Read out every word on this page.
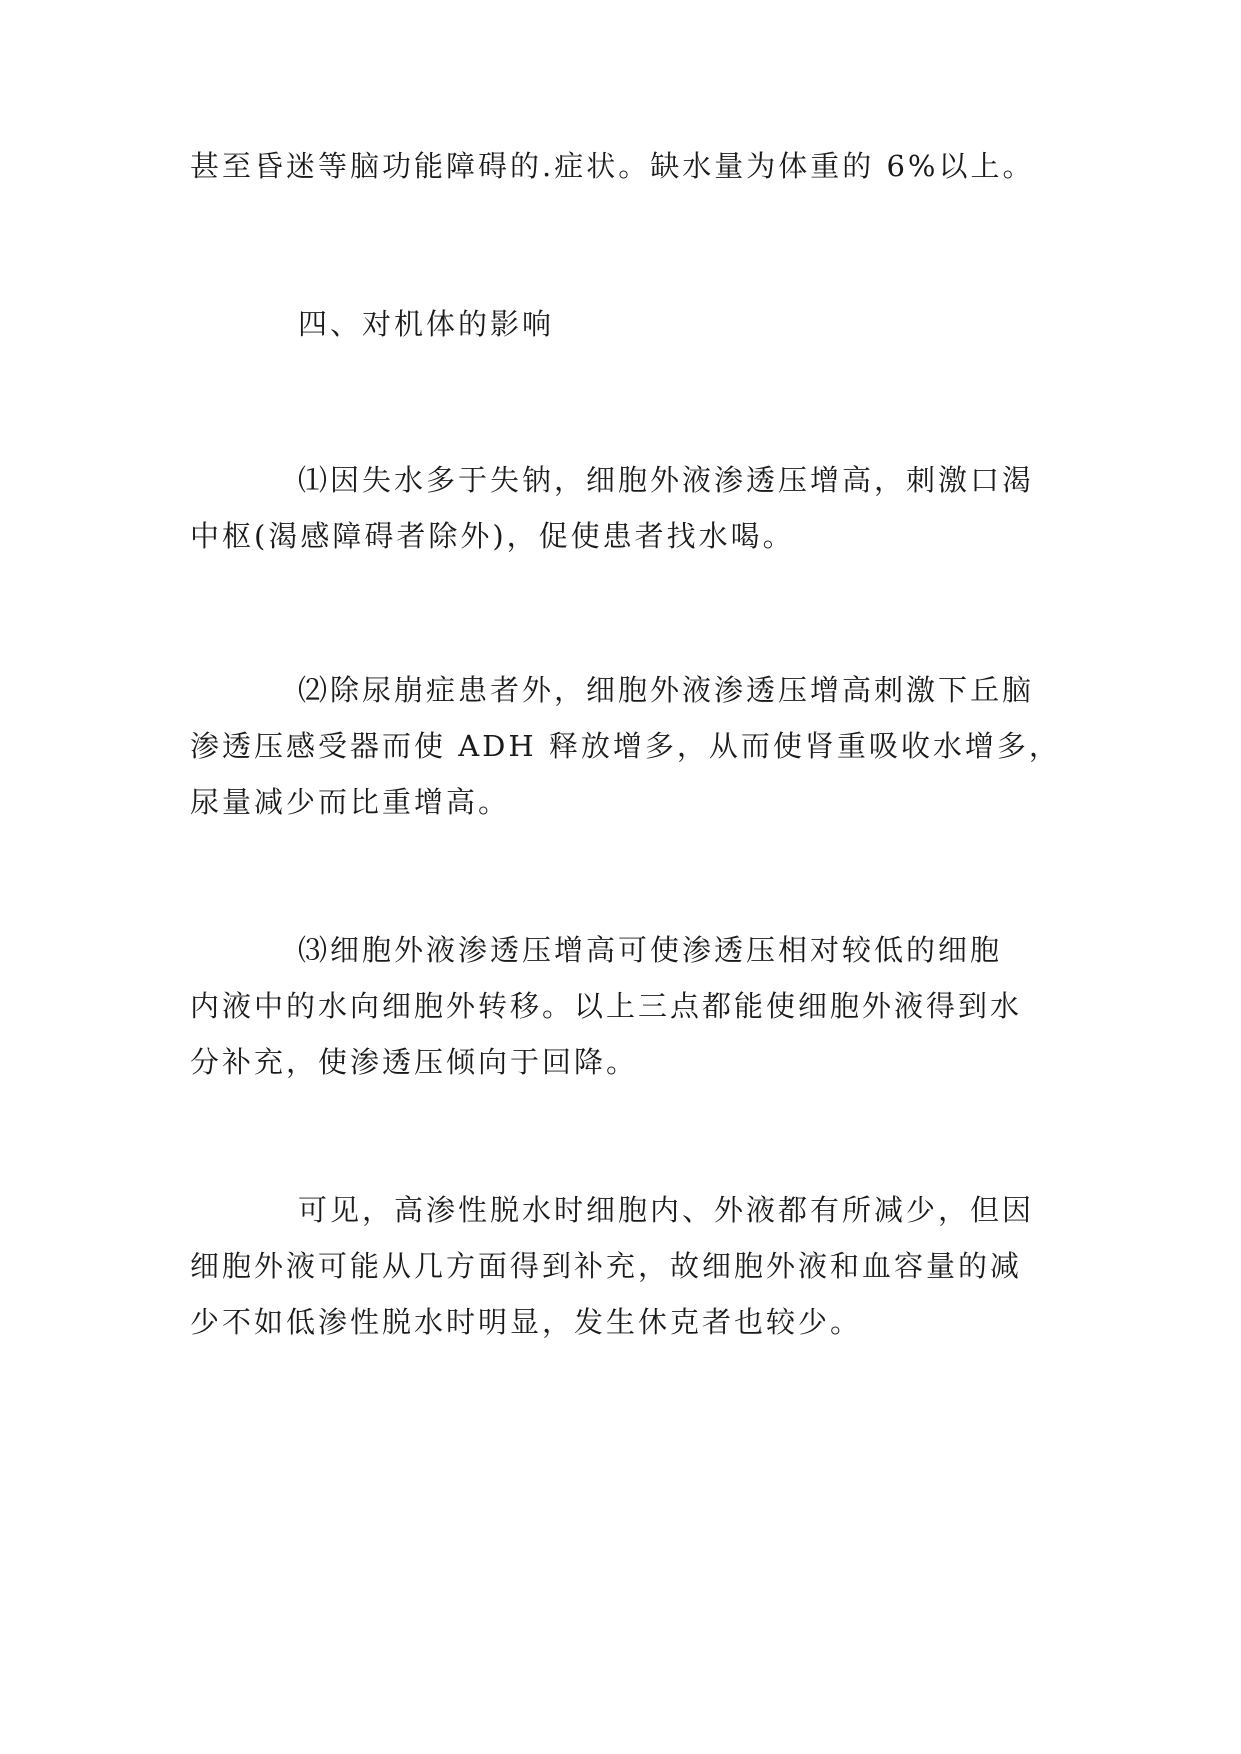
甚至昏迷等脑功能障碍的.症状。缺水量为体重的 6%以上。

四、对机体的影响

⑴因失水多于失钠，细胞外液渗透压增高，刺激口渴
中枢(渴感障碍者除外)，促使患者找水喝。

⑵除尿崩症患者外，细胞外液渗透压增高刺激下丘脑
渗透压感受器而使 ADH 释放增多，从而使肾重吸收水增多，
尿量减少而比重增高。

⑶细胞外液渗透压增高可使渗透压相对较低的细胞
内液中的水向细胞外转移。以上三点都能使细胞外液得到水
分补充，使渗透压倾向于回降。

可见，高渗性脱水时细胞内、外液都有所减少，但因
细胞外液可能从几方面得到补充，故细胞外液和血容量的减
少不如低渗性脱水时明显，发生休克者也较少。
